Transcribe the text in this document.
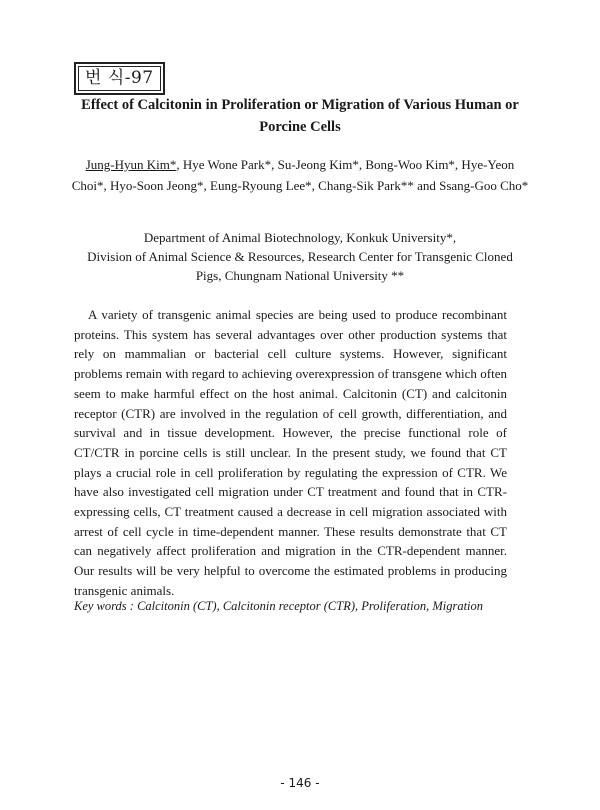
번 식-97
Effect of Calcitonin in Proliferation or Migration of Various Human or
Porcine Cells
Jung-Hyun Kim*, Hye Wone Park*, Su-Jeong Kim*, Bong-Woo Kim*, Hye-Yeon Choi*, Hyo-Soon Jeong*, Eung-Ryoung Lee*, Chang-Sik Park** and Ssang-Goo Cho*
Department of Animal Biotechnology, Konkuk University*,
Division of Animal Science & Resources, Research Center for Transgenic Cloned
Pigs, Chungnam National University **

A variety of transgenic animal species are being used to produce recombinant proteins. This system has several advantages over other production systems that rely on mammalian or bacterial cell culture systems. However, significant problems remain with regard to achieving overexpression of transgene which often seem to make harmful effect on the host animal. Calcitonin (CT) and calcitonin receptor (CTR) are involved in the regulation of cell growth, differentiation, and survival and in tissue development. However, the precise functional role of CT/CTR in porcine cells is still unclear. In the present study, we found that CT plays a crucial role in cell proliferation by regulating the expression of CTR. We have also investigated cell migration under CT treatment and found that in CTR-expressing cells, CT treatment caused a decrease in cell migration associated with arrest of cell cycle in time-dependent manner. These results demonstrate that CT can negatively affect proliferation and migration in the CTR-dependent manner. Our results will be very helpful to overcome the estimated problems in producing transgenic animals.

Key words : Calcitonin (CT), Calcitonin receptor (CTR), Proliferation, Migration
- 146 -
